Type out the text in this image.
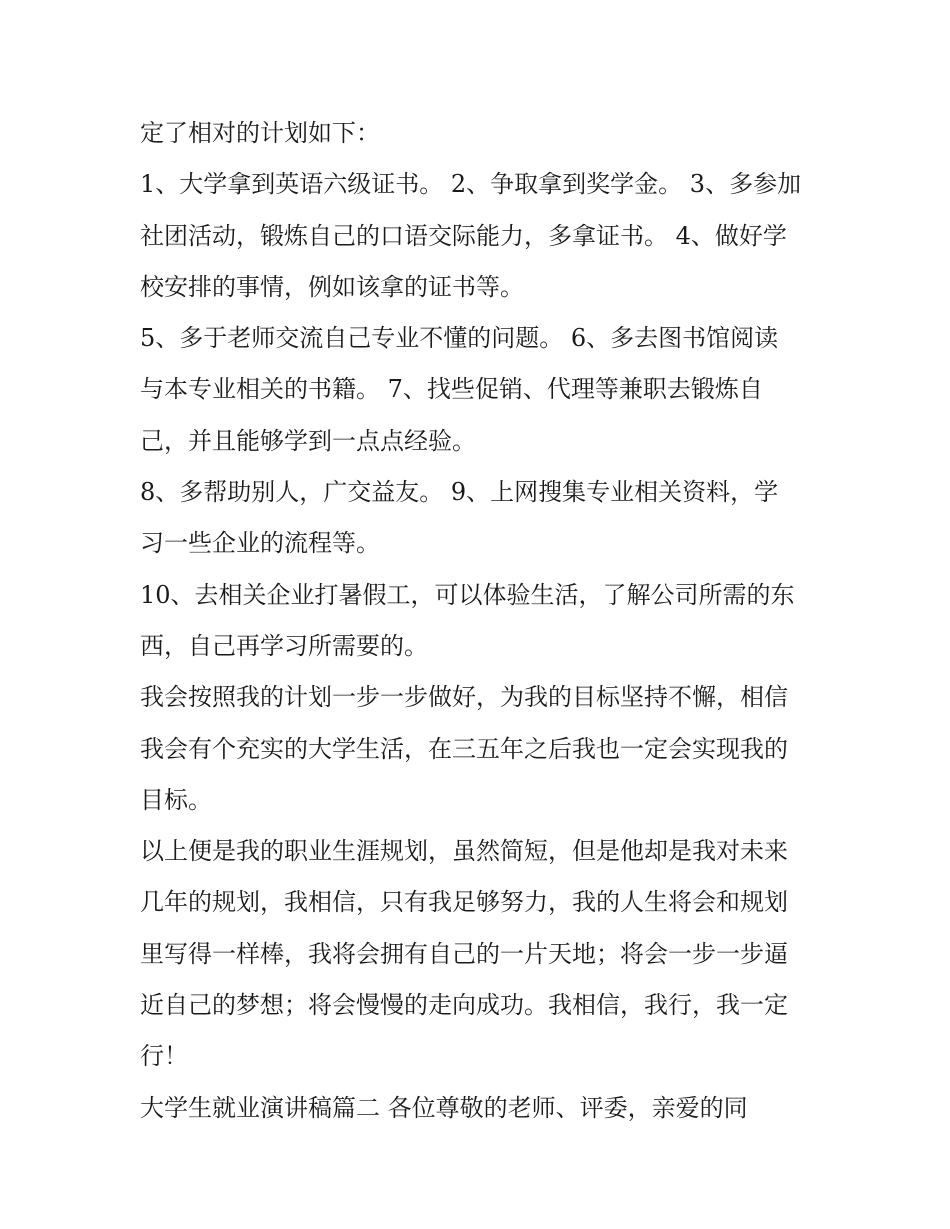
定了相对的计划如下：
1、大学拿到英语六级证书。 2、争取拿到奖学金。 3、多参加
社团活动，锻炼自己的口语交际能力，多拿证书。 4、做好学
校安排的事情，例如该拿的证书等。
5、多于老师交流自己专业不懂的问题。 6、多去图书馆阅读
与本专业相关的书籍。 7、找些促销、代理等兼职去锻炼自
己，并且能够学到一点点经验。
8、多帮助别人，广交益友。 9、上网搜集专业相关资料，学
习一些企业的流程等。
10、去相关企业打暑假工，可以体验生活，了解公司所需的东
西，自己再学习所需要的。
我会按照我的计划一步一步做好，为我的目标坚持不懈，相信
我会有个充实的大学生活，在三五年之后我也一定会实现我的
目标。
以上便是我的职业生涯规划，虽然简短，但是他却是我对未来
几年的规划，我相信，只有我足够努力，我的人生将会和规划
里写得一样棒，我将会拥有自己的一片天地；将会一步一步逼
近自己的梦想；将会慢慢的走向成功。我相信，我行，我一定
行！
大学生就业演讲稿篇二 各位尊敬的老师、评委，亲爱的同
